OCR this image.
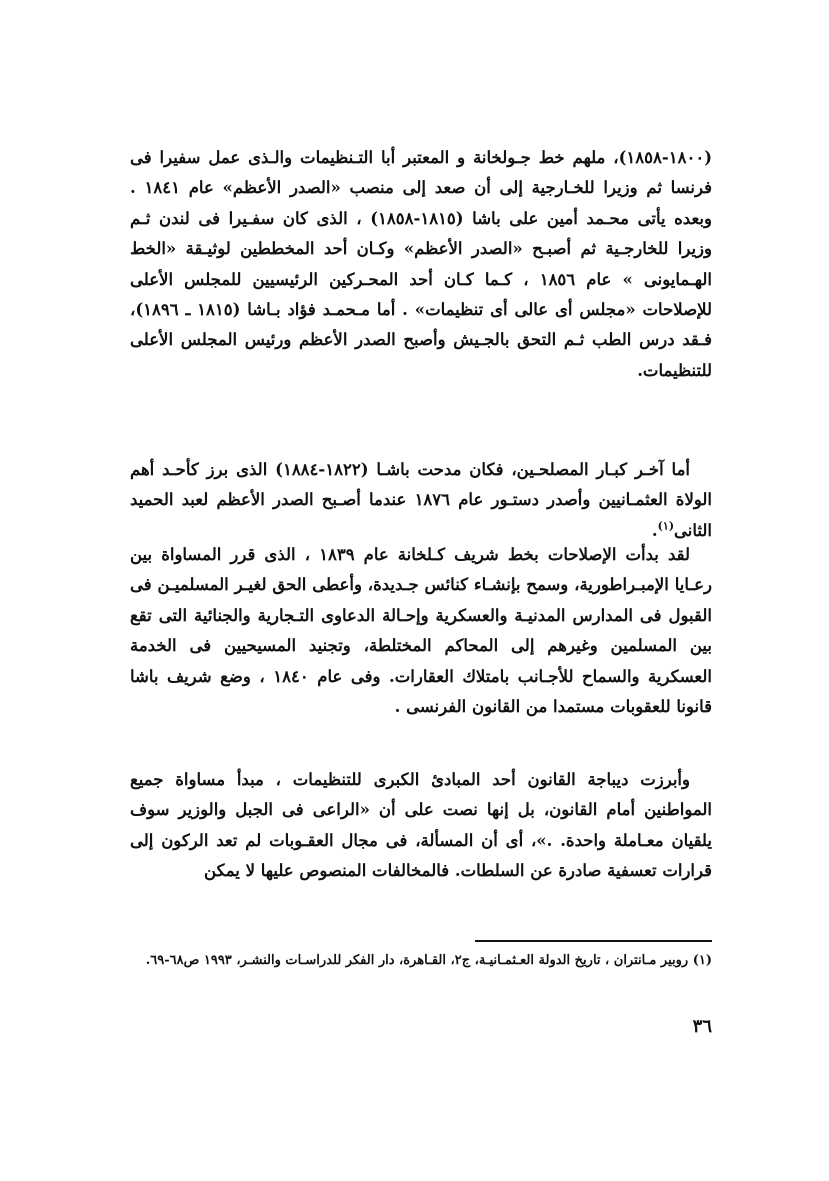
(١٨٠٠-١٨٥٨)، ملهم خط جـولخانة و المعتبر أبا التـنظيمات والـذى عمل سفيرا فى فرنسا ثم وزيرا للخـارجية إلى أن صعد إلى منصب «الصدر الأعظم» عام ١٨٤١ . وبعده يأتى محـمد أمين على باشا (١٨١٥-١٨٥٨) ، الذى كان سفـيرا فى لندن ثـم وزيرا للخارجـية ثم أصبـح «الصدر الأعظم» وكـان أحد المخططين لوثيـقة «الخط الهـمايونى » عام ١٨٥٦ ، كـما كـان أحد المحـركين الرئيسيين للمجلس الأعلى للإصلاحات «مجلس أى عالى أى تنظيمات» . أما مـحمـد فؤاد بـاشا (١٨١٥ ـ ١٨٩٦)، فـقد درس الطب ثـم التحق بالجـيش وأصبح الصدر الأعظم ورئيس المجلس الأعلى للتنظيمات.

أما آخـر كبـار المصلحـين، فكان مدحت باشـا (١٨٢٢-١٨٨٤) الذى برز كأحـد أهم الولاة العثمـانيين وأصدر دستـور عام ١٨٧٦ عندما أصـبح الصدر الأعظم لعبد الحميد الثانى$^{(١)}$.

لقد بدأت الإصلاحات بخط شريف كـلخانة عام ١٨٣٩ ، الذى قرر المساواة بين رعـايا الإمبـراطورية، وسمح بإنشـاء كنائس جـديدة، وأعطى الحق لغيـر المسلميـن فى القبول فى المدارس المدنيـة والعسكرية وإحـالة الدعاوى التـجارية والجنائية التى تقع بين المسلمين وغيرهم إلى المحاكم المختلطة، وتجنيد المسيحيين فى الخدمة العسكرية والسماح للأجـانب بامتلاك العقارات. وفى عام ١٨٤٠ ، وضع شريف باشا قانونا للعقوبات مستمدا من القانون الفرنسى .

وأبرزت ديباجة القانون أحد المبادئ الكبرى للتنظيمات ، مبدأ مساواة جميع المواطنين أمام القانون، بل إنها نصت على أن «الراعى فى الجبل والوزير سوف يلقيان معـاملة واحدة. .»، أى أن المسألة، فى مجال العقـوبات لم تعد الركون إلى قرارات تعسفية صادرة عن السلطات. فالمخالفات المنصوص عليها لا يمكن

(١) روبير مـانتران ، تاريخ الدولة العـثمـانيـة، ج٢، القـاهرة، دار الفكر للدراسـات والنشـر، ١٩٩٣ ص٦٨-٦٩.
٣٦
